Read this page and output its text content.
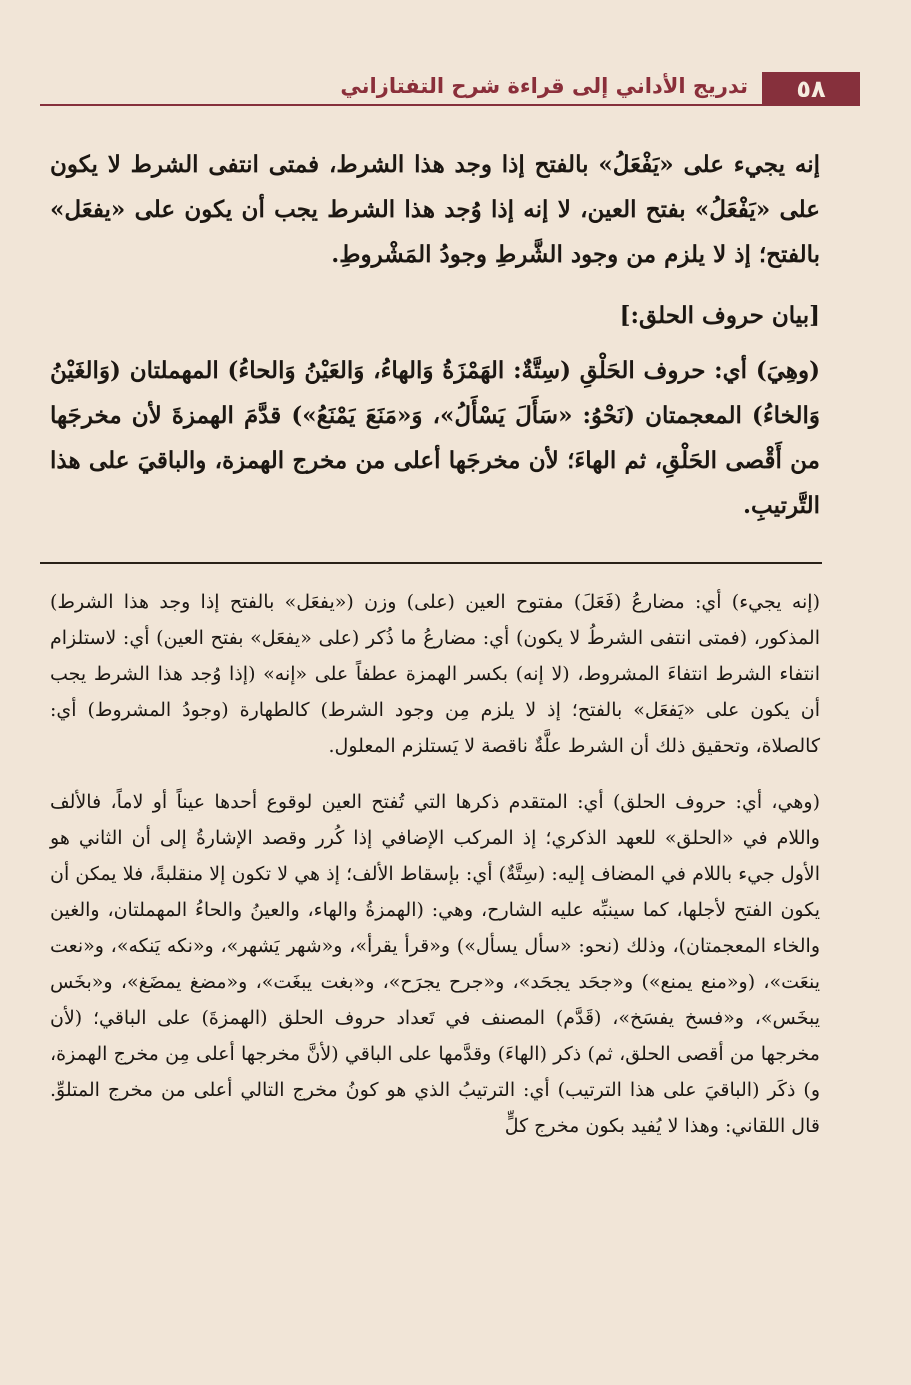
٥٨
تدريج الأداني إلى قراءة شرح التفتازاني

إنه يجيء على «يَفْعَلُ» بالفتح إذا وجد هذا الشرط، فمتى انتفى الشرط لا يكون على «يَفْعَلُ» بفتح العين، لا إنه إذا وُجد هذا الشرط يجب أن يكون على «يفعَل» بالفتح؛ إذ لا يلزم من وجود الشَّرطِ وجودُ المَشْروطِ.

[بيان حروف الحلق:]

(وهِيَ) أي: حروف الحَلْقِ (سِتَّةٌ: الهَمْزَةُ وَالهاءُ، وَالعَيْنُ وَالحاءُ) المهملتان (وَالغَيْنُ وَالخاءُ) المعجمتان (نَحْوُ: «سَأَلَ يَسْأَلُ»، وَ«مَنَعَ يَمْنَعُ») قدَّمَ الهمزةَ لأن مخرجَها من أَقْصى الحَلْقِ، ثم الهاءَ؛ لأن مخرجَها أعلى من مخرج الهمزة، والباقيَ على هذا التَّرتيبِ.

(إنه يجيء) أي: مضارعُ (فَعَلَ) مفتوح العين (على) وزن («يفعَل» بالفتح إذا وجد هذا الشرط) المذكور، (فمتى انتفى الشرطُ لا يكون) أي: مضارعُ ما ذُكر (على «يفعَل» بفتح العين) أي: لاستلزام انتفاء الشرط انتفاءَ المشروط، (لا إنه) بكسر الهمزة عطفاً على «إنه» (إذا وُجد هذا الشرط يجب أن يكون على «يَفعَل» بالفتح؛ إذ لا يلزم مِن وجود الشرط) كالطهارة (وجودُ المشروط) أي: كالصلاة، وتحقيق ذلك أن الشرط علَّةٌ ناقصة لا يَستلزم المعلول.

(وهي، أي: حروف الحلق) أي: المتقدم ذكرها التي تُفتح العين لوقوع أحدها عيناً أو لاماً، فالألف واللام في «الحلق» للعهد الذكري؛ إذ المركب الإضافي إذا كُرر وقصد الإشارةُ إلى أن الثاني هو الأول جيء باللام في المضاف إليه: (سِتَّةٌ) أي: بإسقاط الألف؛ إذ هي لا تكون إلا منقلبةً، فلا يمكن أن يكون الفتح لأجلها، كما سينبِّه عليه الشارح، وهي: (الهمزةُ والهاء، والعينُ والحاءُ المهملتان، والغين والخاء المعجمتان)، وذلك (نحو: «سأل يسأل») و«قرأ يقرأ»، و«شهر يَشهر»، و«نكه يَنكه»، و«نعت ينعَت»، (و«منع يمنع») و«جحَد يجحَد»، و«جرح يجرَح»، و«بغت يبغَت»، و«مضغ يمضَغ»، و«بخَس يبخَس»، و«فسخ يفسَخ»، (قَدَّم) المصنف في تَعداد حروف الحلق (الهمزةَ) على الباقي؛ (لأن مخرجها من أقصى الحلق، ثم) ذكر (الهاءَ) وقدَّمها على الباقي (لأنَّ مخرجها أعلى مِن مخرج الهمزة، و) ذكَر (الباقيَ على هذا الترتيب) أي: الترتيبُ الذي هو كونُ مخرج التالي أعلى من مخرج المتلوِّ. قال اللقاني: وهذا لا يُفيد بكون مخرج كلٍّ
